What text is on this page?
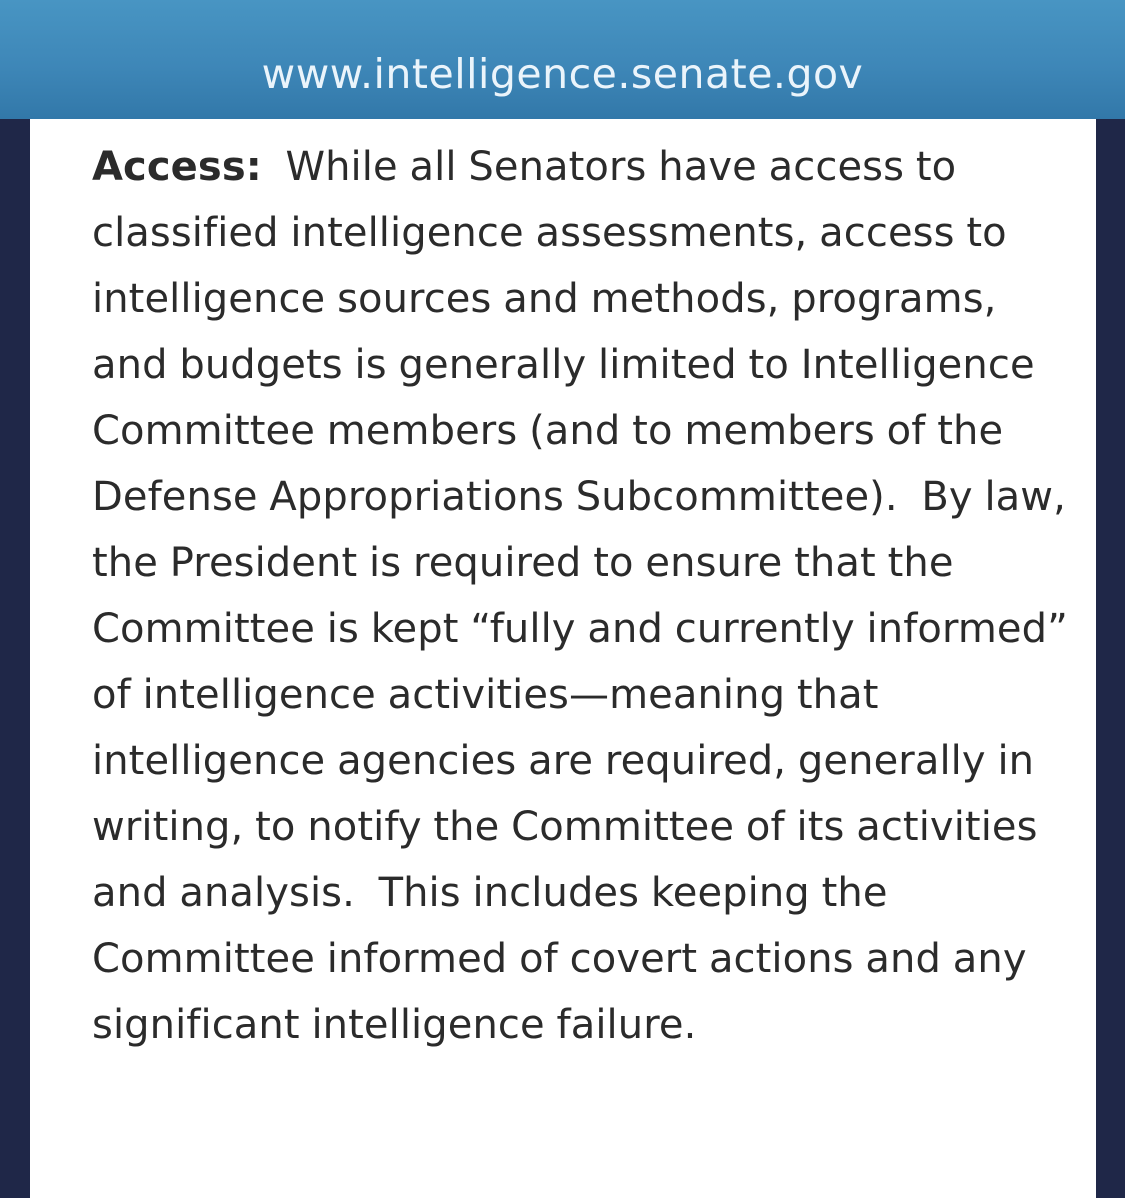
www.intelligence.senate.gov

Access:  While all Senators have access to classified intelligence assessments, access to intelligence sources and methods, programs, and budgets is generally limited to Intelligence Committee members (and to members of the Defense Appropriations Subcommittee).  By law, the President is required to ensure that the Committee is kept “fully and currently informed” of intelligence activities—meaning that intelligence agencies are required, generally in writing, to notify the Committee of its activities and analysis.  This includes keeping the Committee informed of covert actions and any significant intelligence failure.
